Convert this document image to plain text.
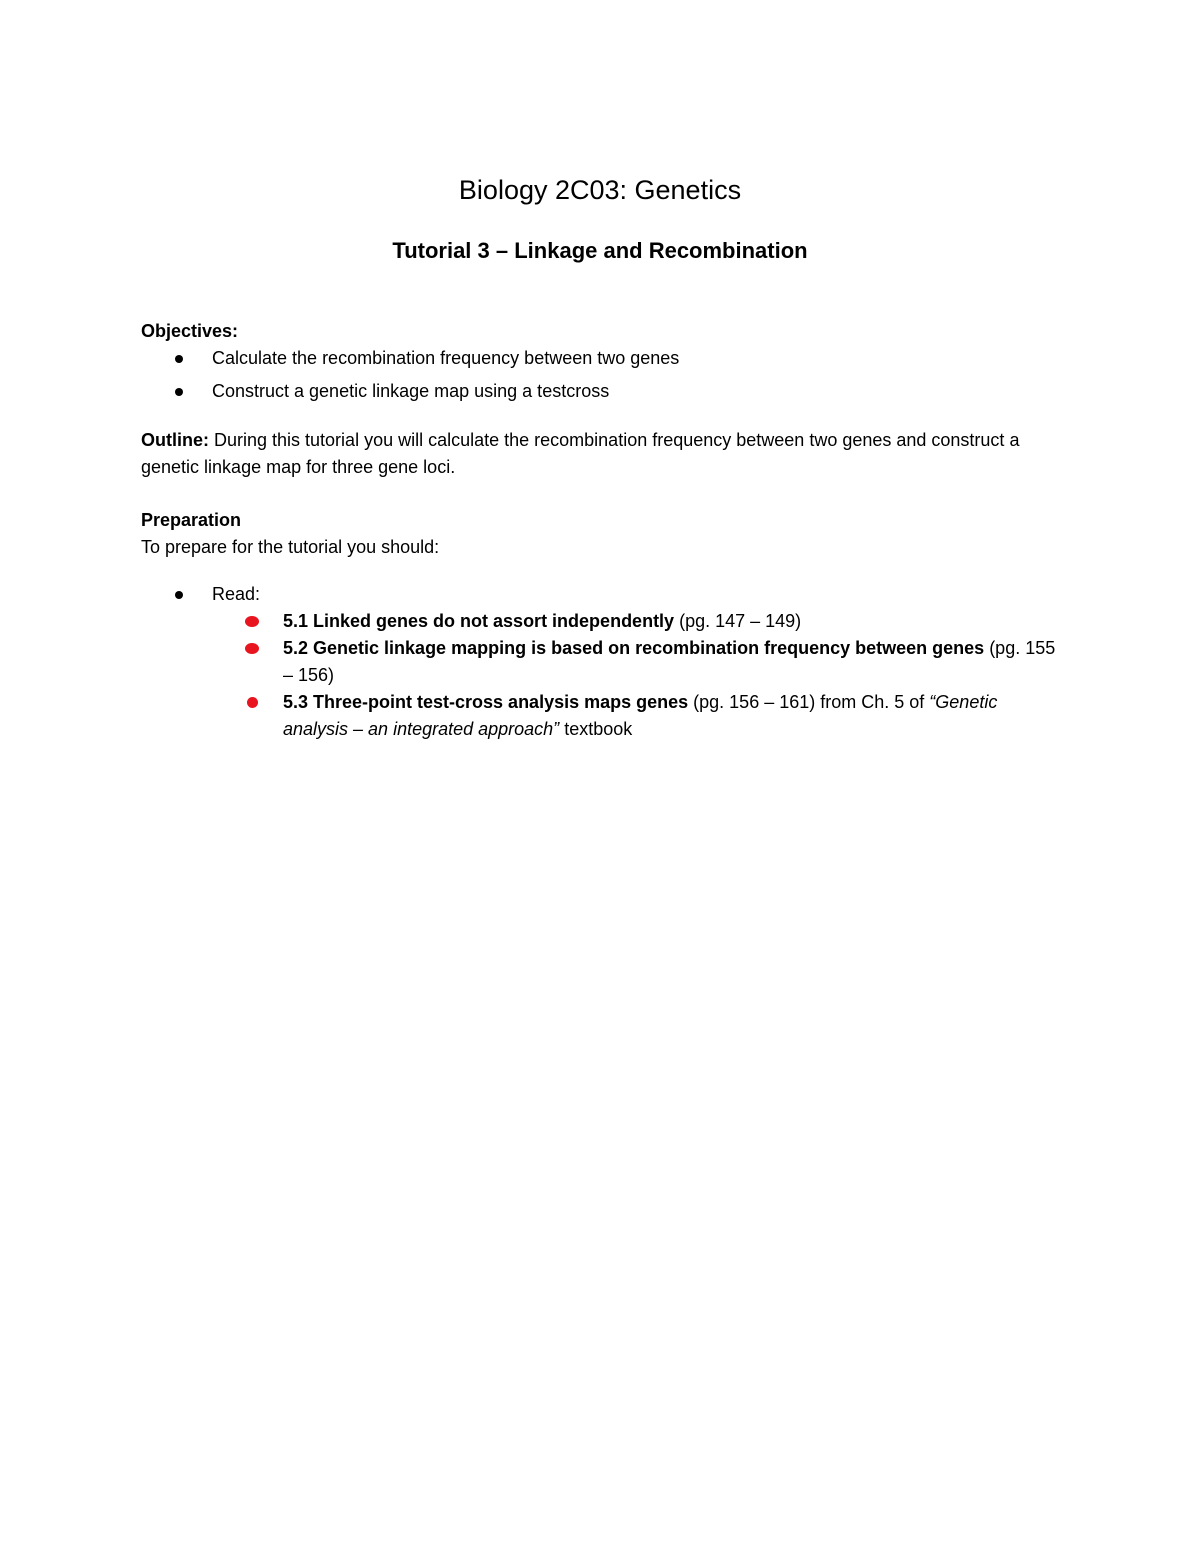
Biology 2C03: Genetics
Tutorial 3 – Linkage and Recombination
Objectives:
Calculate the recombination frequency between two genes
Construct a genetic linkage map using a testcross
Outline: During this tutorial you will calculate the recombination frequency between two genes and construct a genetic linkage map for three gene loci.
Preparation
To prepare for the tutorial you should:
Read:
5.1 Linked genes do not assort independently (pg. 147 – 149)
5.2 Genetic linkage mapping is based on recombination frequency between genes (pg. 155 – 156)
5.3 Three-point test-cross analysis maps genes (pg. 156 – 161) from Ch. 5 of “Genetic analysis – an integrated approach” textbook
